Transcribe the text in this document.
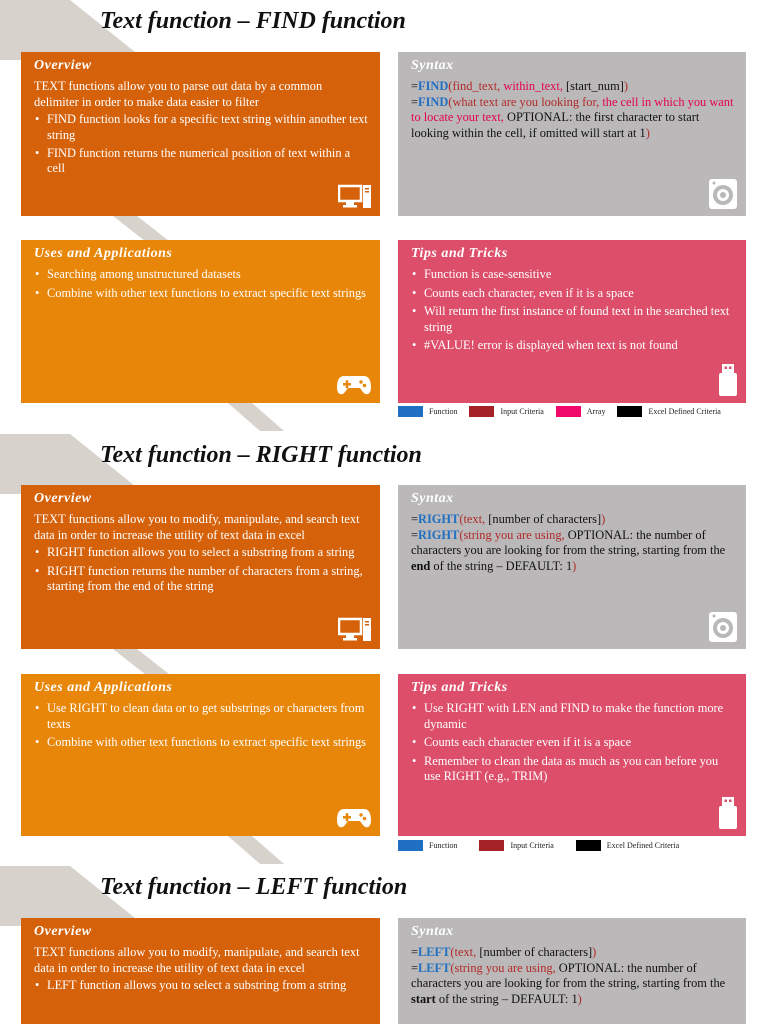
Text function – FIND function
Overview

TEXT functions allow you to parse out data by a common delimiter in order to make data easier to filter

• FIND function looks for a specific text string within another text string
• FIND function returns the numerical position of text within a cell
Syntax

=FIND(find_text, within_text, [start_num])

=FIND(what text are you looking for, the cell in which you want to locate your text, OPTIONAL: the first character to start looking within the cell, if omitted will start at 1)

Uses and Applications
• Searching among unstructured datasets
• Combine with other text functions to extract specific text strings
Tips and Tricks
• Function is case-sensitive
• Counts each character, even if it is a space
• Will return the first instance of found text in the searched text string
• #VALUE! error is displayed when text is not found
Function	Input Criteria	Array	Excel Defined Criteria
Text function – RIGHT function
Overview

TEXT functions allow you to modify, manipulate, and search text data in order to increase the utility of text data in excel

• RIGHT function allows you to select a substring from a string
• RIGHT function returns the number of characters from a string, starting from the end of the string
Syntax

=RIGHT(text, [number of characters])

=RIGHT(string you are using, OPTIONAL: the number of characters you are looking for from the string, starting from the end of the string – DEFAULT: 1)

Uses and Applications
• Use RIGHT to clean data or to get substrings or characters from texts
• Combine with other text functions to extract specific text strings
Tips and Tricks
• Use RIGHT with LEN and FIND to make the function more dynamic
• Counts each character even if it is a space
• Remember to clean the data as much as you can before you use RIGHT (e.g., TRIM)
Function	Input Criteria	Excel Defined Criteria
Text function – LEFT function
Overview

TEXT functions allow you to modify, manipulate, and search text data in order to increase the utility of text data in excel

• LEFT function allows you to select a substring from a string
Syntax

=LEFT(text, [number of characters])

=LEFT(string you are using, OPTIONAL: the number of characters you are looking for from the string, starting from the start of the string – DEFAULT: 1)
